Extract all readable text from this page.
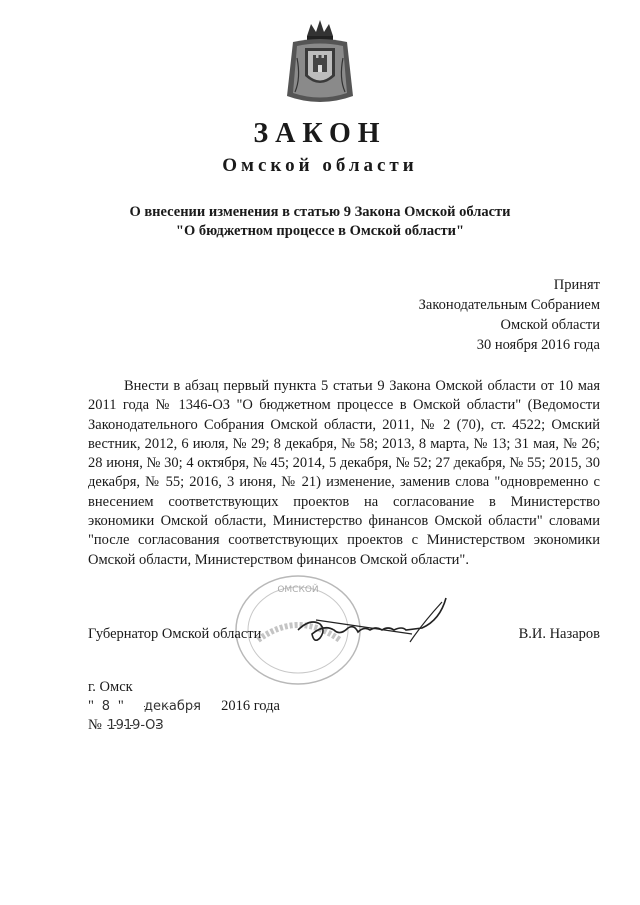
ЗАКОН
Омской области
О внесении изменения в статью 9 Закона Омской области
"О бюджетном процессе в Омской области"
Принят
Законодательным Собранием
Омской области
30 ноября 2016 года
Внести в абзац первый пункта 5 статьи 9 Закона Омской области от 10 мая 2011 года № 1346-ОЗ "О бюджетном процессе в Омской области" (Ведомости Законодательного Собрания Омской области, 2011, № 2 (70), ст. 4522; Омский вестник, 2012, 6 июля, № 29; 8 декабря, № 58; 2013, 8 марта, № 13; 31 мая, № 26; 28 июня, № 30; 4 октября, № 45; 2014, 5 декабря, № 52; 27 декабря, № 55; 2015, 30 декабря, № 55; 2016, 3 июня, № 21) изменение, заменив слова "одновременно с внесением соответствующих проектов на согласование в Министерство экономики Омской области, Министерство финансов Омской области" словами "после согласования соответствующих проектов с Министерством экономики Омской области, Министерством финансов Омской области".
ОМСКОЙ
Губернатор Омской области	В.И. Назаров
г. Омск
" 8 " декабря 2016 года
№ 1919-ОЗ
